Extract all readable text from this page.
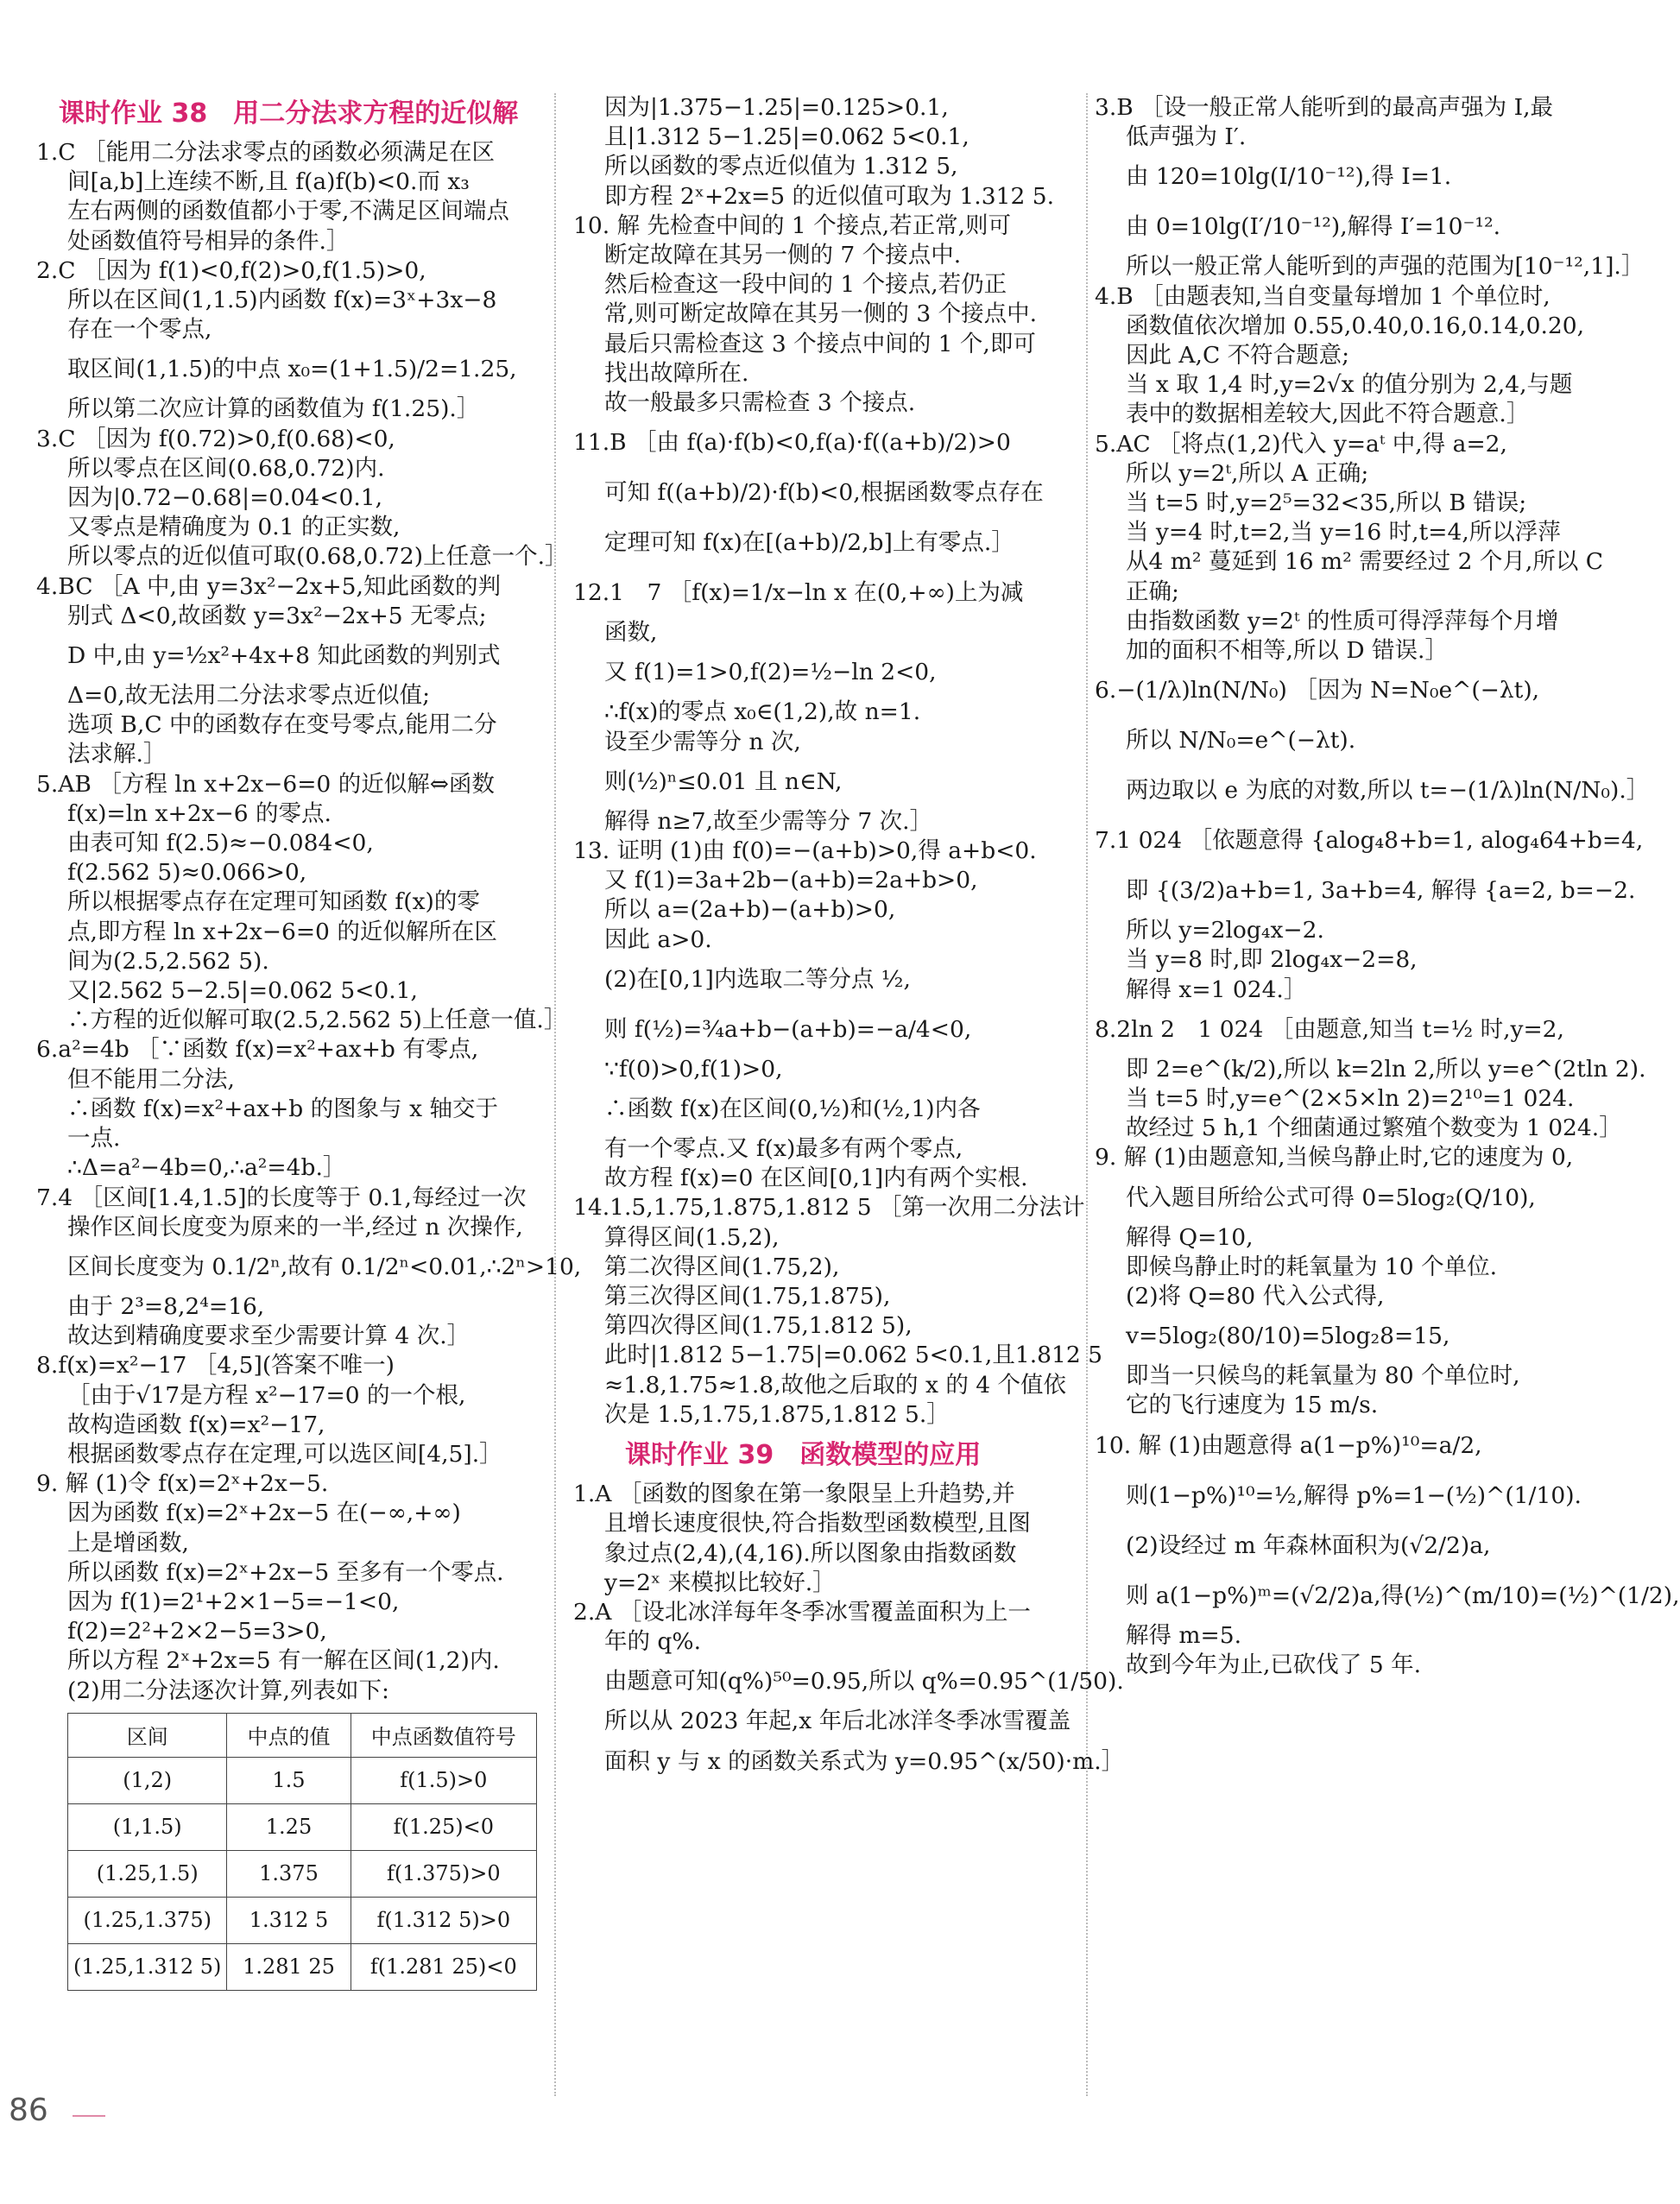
课时作业 38　用二分法求方程的近似解
1.C ［能用二分法求零点的函数必须满足在区
间[a,b]上连续不断,且 f(a)f(b)<0.而 x₃
左右两侧的函数值都小于零,不满足区间端点
处函数值符号相异的条件.］
2.C ［因为 f(1)<0,f(2)>0,f(1.5)>0,
所以在区间(1,1.5)内函数 f(x)=3ˣ+3x−8
存在一个零点,
取区间(1,1.5)的中点 x₀=(1+1.5)/2=1.25,
所以第二次应计算的函数值为 f(1.25).］
3.C ［因为 f(0.72)>0,f(0.68)<0,
所以零点在区间(0.68,0.72)内.
因为|0.72−0.68|=0.04<0.1,
又零点是精确度为 0.1 的正实数,
所以零点的近似值可取(0.68,0.72)上任意一个.］
4.BC ［A 中,由 y=3x²−2x+5,知此函数的判
别式 Δ<0,故函数 y=3x²−2x+5 无零点;
D 中,由 y=½x²+4x+8 知此函数的判别式
Δ=0,故无法用二分法求零点近似值;
选项 B,C 中的函数存在变号零点,能用二分
法求解.］
5.AB ［方程 ln x+2x−6=0 的近似解⇔函数
f(x)=ln x+2x−6 的零点.
由表可知 f(2.5)≈−0.084<0,
f(2.562 5)≈0.066>0,
所以根据零点存在定理可知函数 f(x)的零
点,即方程 ln x+2x−6=0 的近似解所在区
间为(2.5,2.562 5).
又|2.562 5−2.5|=0.062 5<0.1,
∴方程的近似解可取(2.5,2.562 5)上任意一值.］
6.a²=4b ［∵函数 f(x)=x²+ax+b 有零点,
但不能用二分法,
∴函数 f(x)=x²+ax+b 的图象与 x 轴交于
一点.
∴Δ=a²−4b=0,∴a²=4b.］
7.4 ［区间[1.4,1.5]的长度等于 0.1,每经过一次
操作区间长度变为原来的一半,经过 n 次操作,
区间长度变为 0.1/2ⁿ,故有 0.1/2ⁿ<0.01,∴2ⁿ>10,
由于 2³=8,2⁴=16,
故达到精确度要求至少需要计算 4 次.］
8.f(x)=x²−17 ［4,5](答案不唯一)
［由于√17是方程 x²−17=0 的一个根,
故构造函数 f(x)=x²−17,
根据函数零点存在定理,可以选区间[4,5].］
9. 解 (1)令 f(x)=2ˣ+2x−5.
因为函数 f(x)=2ˣ+2x−5 在(−∞,+∞)
上是增函数,
所以函数 f(x)=2ˣ+2x−5 至多有一个零点.
因为 f(1)=2¹+2×1−5=−1<0,
f(2)=2²+2×2−5=3>0,
所以方程 2ˣ+2x=5 有一解在区间(1,2)内.
(2)用二分法逐次计算,列表如下:
区间	中点的值	中点函数值符号
(1,2)	1.5	f(1.5)>0
(1,1.5)	1.25	f(1.25)<0
(1.25,1.5)	1.375	f(1.375)>0
(1.25,1.375)	1.312 5	f(1.312 5)>0
(1.25,1.312 5)	1.281 25	f(1.281 25)<0
因为|1.375−1.25|=0.125>0.1,
且|1.312 5−1.25|=0.062 5<0.1,
所以函数的零点近似值为 1.312 5,
即方程 2ˣ+2x=5 的近似值可取为 1.312 5.
10. 解 先检查中间的 1 个接点,若正常,则可
断定故障在其另一侧的 7 个接点中.
然后检查这一段中间的 1 个接点,若仍正
常,则可断定故障在其另一侧的 3 个接点中.
最后只需检查这 3 个接点中间的 1 个,即可
找出故障所在.
故一般最多只需检查 3 个接点.
11.B ［由 f(a)·f(b)<0,f(a)·f((a+b)/2)>0
可知 f((a+b)/2)·f(b)<0,根据函数零点存在
定理可知 f(x)在[(a+b)/2,b]上有零点.］
12.1　7 ［f(x)=1/x−ln x 在(0,+∞)上为减
函数,
又 f(1)=1>0,f(2)=½−ln 2<0,
∴f(x)的零点 x₀∈(1,2),故 n=1.
设至少需等分 n 次,
则(½)ⁿ≤0.01 且 n∈N,
解得 n≥7,故至少需等分 7 次.］
13. 证明 (1)由 f(0)=−(a+b)>0,得 a+b<0.
又 f(1)=3a+2b−(a+b)=2a+b>0,
所以 a=(2a+b)−(a+b)>0,
因此 a>0.
(2)在[0,1]内选取二等分点 ½,
则 f(½)=¾a+b−(a+b)=−a/4<0,
∵f(0)>0,f(1)>0,
∴函数 f(x)在区间(0,½)和(½,1)内各
有一个零点.又 f(x)最多有两个零点,
故方程 f(x)=0 在区间[0,1]内有两个实根.
14.1.5,1.75,1.875,1.812 5 ［第一次用二分法计
算得区间(1.5,2),
第二次得区间(1.75,2),
第三次得区间(1.75,1.875),
第四次得区间(1.75,1.812 5),
此时|1.812 5−1.75|=0.062 5<0.1,且1.812 5
≈1.8,1.75≈1.8,故他之后取的 x 的 4 个值依
次是 1.5,1.75,1.875,1.812 5.］
课时作业 39　函数模型的应用
1.A ［函数的图象在第一象限呈上升趋势,并
且增长速度很快,符合指数型函数模型,且图
象过点(2,4),(4,16).所以图象由指数函数
y=2ˣ 来模拟比较好.］
2.A ［设北冰洋每年冬季冰雪覆盖面积为上一
年的 q%.
由题意可知(q%)⁵⁰=0.95,所以 q%=0.95^(1/50).
所以从 2023 年起,x 年后北冰洋冬季冰雪覆盖
面积 y 与 x 的函数关系式为 y=0.95^(x/50)·m.］
3.B ［设一般正常人能听到的最高声强为 I,最
低声强为 I′.
由 120=10lg(I/10⁻¹²),得 I=1.
由 0=10lg(I′/10⁻¹²),解得 I′=10⁻¹².
所以一般正常人能听到的声强的范围为[10⁻¹²,1].］
4.B ［由题表知,当自变量每增加 1 个单位时,
函数值依次增加 0.55,0.40,0.16,0.14,0.20,
因此 A,C 不符合题意;
当 x 取 1,4 时,y=2√x 的值分别为 2,4,与题
表中的数据相差较大,因此不符合题意.］
5.AC ［将点(1,2)代入 y=aᵗ 中,得 a=2,
所以 y=2ᵗ,所以 A 正确;
当 t=5 时,y=2⁵=32<35,所以 B 错误;
当 y=4 时,t=2,当 y=16 时,t=4,所以浮萍
从4 m² 蔓延到 16 m² 需要经过 2 个月,所以 C
正确;
由指数函数 y=2ᵗ 的性质可得浮萍每个月增
加的面积不相等,所以 D 错误.］
6.−(1/λ)ln(N/N₀) ［因为 N=N₀e^(−λt),
所以 N/N₀=e^(−λt).
两边取以 e 为底的对数,所以 t=−(1/λ)ln(N/N₀).］
7.1 024 ［依题意得 {alog₄8+b=1, alog₄64+b=4,
即 {(3/2)a+b=1, 3a+b=4, 解得 {a=2, b=−2.
所以 y=2log₄x−2.
当 y=8 时,即 2log₄x−2=8,
解得 x=1 024.］
8.2ln 2　1 024 ［由题意,知当 t=½ 时,y=2,
即 2=e^(k/2),所以 k=2ln 2,所以 y=e^(2tln 2).
当 t=5 时,y=e^(2×5×ln 2)=2¹⁰=1 024.
故经过 5 h,1 个细菌通过繁殖个数变为 1 024.］
9. 解 (1)由题意知,当候鸟静止时,它的速度为 0,
代入题目所给公式可得 0=5log₂(Q/10),
解得 Q=10,
即候鸟静止时的耗氧量为 10 个单位.
(2)将 Q=80 代入公式得,
v=5log₂(80/10)=5log₂8=15,
即当一只候鸟的耗氧量为 80 个单位时,
它的飞行速度为 15 m/s.
10. 解 (1)由题意得 a(1−p%)¹⁰=a/2,
则(1−p%)¹⁰=½,解得 p%=1−(½)^(1/10).
(2)设经过 m 年森林面积为(√2/2)a,
则 a(1−p%)ᵐ=(√2/2)a,得(½)^(m/10)=(½)^(1/2),
解得 m=5.
故到今年为止,已砍伐了 5 年.
86
